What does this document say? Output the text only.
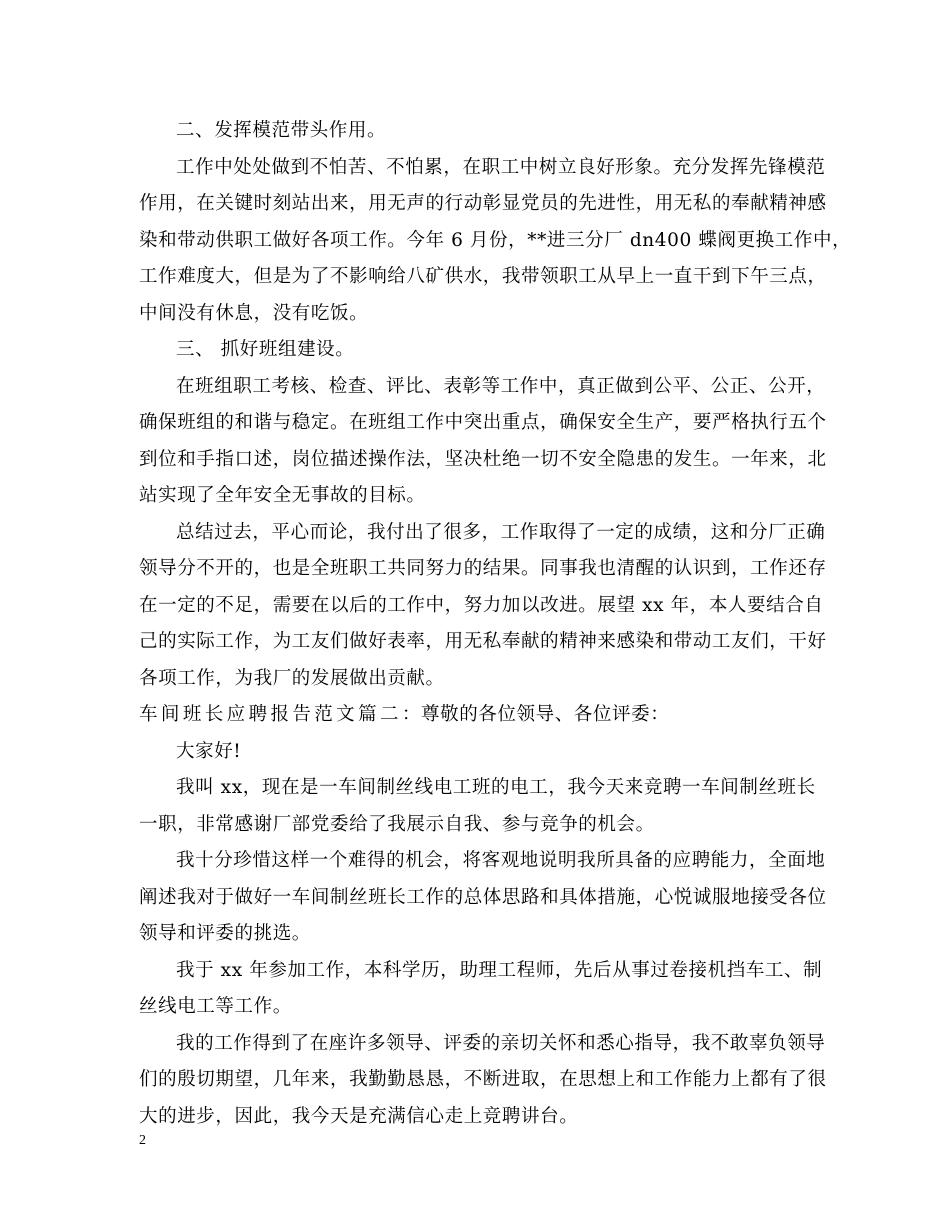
二、发挥模范带头作用。
工作中处处做到不怕苦、不怕累，在职工中树立良好形象。充分发挥先锋模范
作用，在关键时刻站出来，用无声的行动彰显党员的先进性，用无私的奉献精神感
染和带动供职工做好各项工作。今年 6 月份，**进三分厂 dn400 蝶阀更换工作中，
工作难度大，但是为了不影响给八矿供水，我带领职工从早上一直干到下午三点，
中间没有休息，没有吃饭。
三、 抓好班组建设。
在班组职工考核、检查、评比、表彰等工作中，真正做到公平、公正、公开，
确保班组的和谐与稳定。在班组工作中突出重点，确保安全生产，要严格执行五个
到位和手指口述，岗位描述操作法，坚决杜绝一切不安全隐患的发生。一年来，北
站实现了全年安全无事故的目标。
总结过去，平心而论，我付出了很多，工作取得了一定的成绩，这和分厂正确
领导分不开的，也是全班职工共同努力的结果。同事我也清醒的认识到，工作还存
在一定的不足，需要在以后的工作中，努力加以改进。展望 xx 年，本人要结合自
己的实际工作，为工友们做好表率，用无私奉献的精神来感染和带动工友们，干好
各项工作，为我厂的发展做出贡献。
车间班长应聘报告范文篇二： 尊敬的各位领导、各位评委：
大家好!
我叫 xx，现在是一车间制丝线电工班的电工，我今天来竞聘一车间制丝班长
一职，非常感谢厂部党委给了我展示自我、参与竞争的机会。
我十分珍惜这样一个难得的机会，将客观地说明我所具备的应聘能力，全面地
阐述我对于做好一车间制丝班长工作的总体思路和具体措施，心悦诚服地接受各位
领导和评委的挑选。
我于 xx 年参加工作，本科学历，助理工程师，先后从事过卷接机挡车工、制
丝线电工等工作。
我的工作得到了在座许多领导、评委的亲切关怀和悉心指导，我不敢辜负领导
们的殷切期望，几年来，我勤勤恳恳，不断进取，在思想上和工作能力上都有了很
大的进步，因此，我今天是充满信心走上竞聘讲台。
2
